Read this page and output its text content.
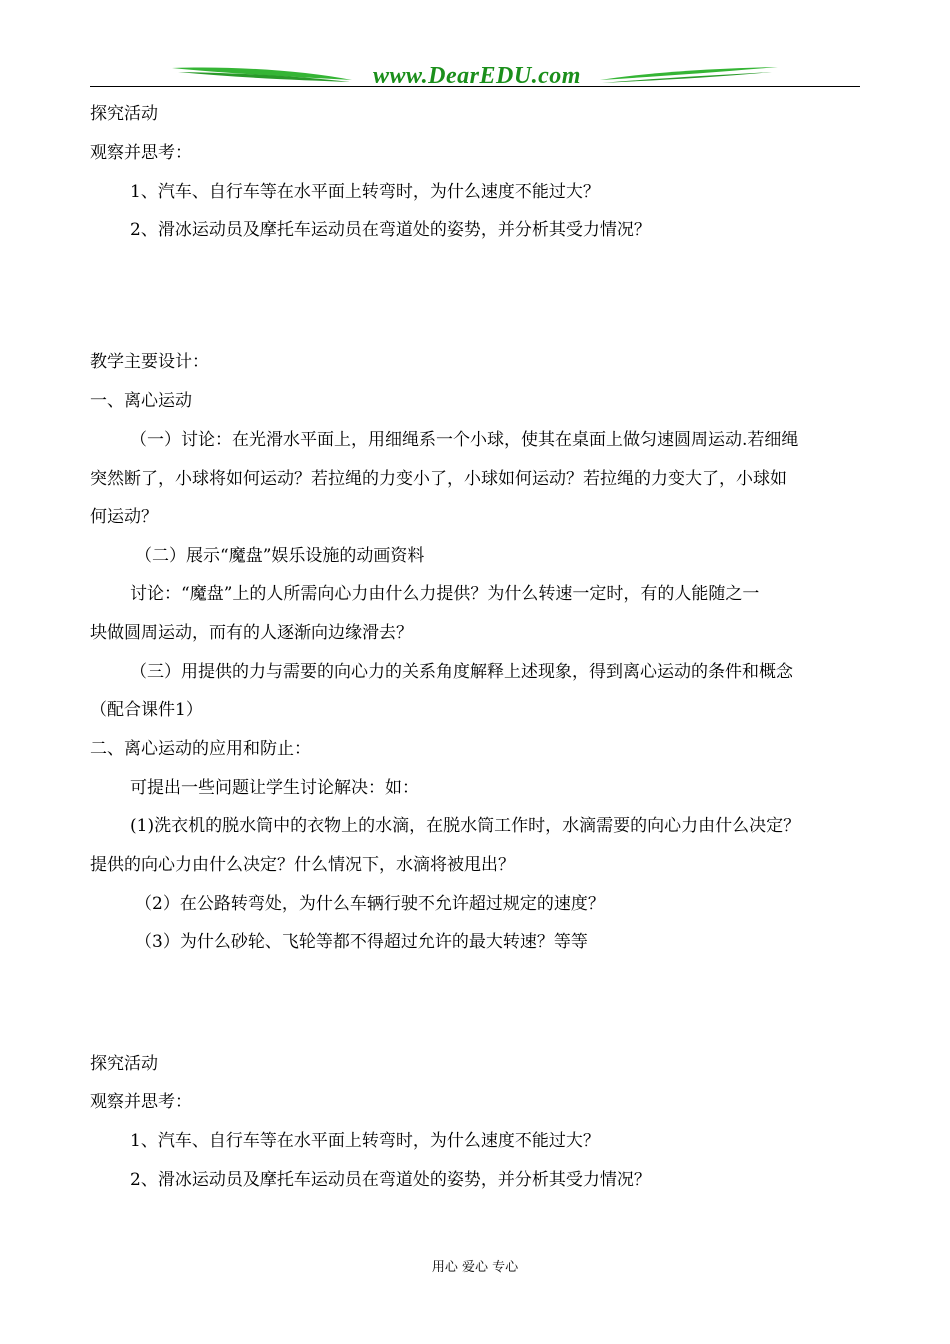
www.DearEDU.com
探究活动
观察并思考：
1、汽车、自行车等在水平面上转弯时，为什么速度不能过大？
2、滑冰运动员及摩托车运动员在弯道处的姿势，并分析其受力情况？
教学主要设计：
一、离心运动
（一）讨论：在光滑水平面上，用细绳系一个小球，使其在桌面上做匀速圆周运动.若细绳
突然断了，小球将如何运动？若拉绳的力变小了，小球如何运动？若拉绳的力变大了，小球如
何运动？
（二）展示“魔盘”娱乐设施的动画资料
讨论：“魔盘”上的人所需向心力由什么力提供？为什么转速一定时，有的人能随之一
块做圆周运动，而有的人逐渐向边缘滑去？
（三）用提供的力与需要的向心力的关系角度解释上述现象，得到离心运动的条件和概念
（配合课件1）
二、离心运动的应用和防止：
可提出一些问题让学生讨论解决：如：
(1)洗衣机的脱水筒中的衣物上的水滴，在脱水筒工作时，水滴需要的向心力由什么决定？
提供的向心力由什么决定？什么情况下，水滴将被甩出？
（2）在公路转弯处，为什么车辆行驶不允许超过规定的速度？
（3）为什么砂轮、飞轮等都不得超过允许的最大转速？等等
探究活动
观察并思考：
1、汽车、自行车等在水平面上转弯时，为什么速度不能过大？
2、滑冰运动员及摩托车运动员在弯道处的姿势，并分析其受力情况？
用心 爱心 专心
